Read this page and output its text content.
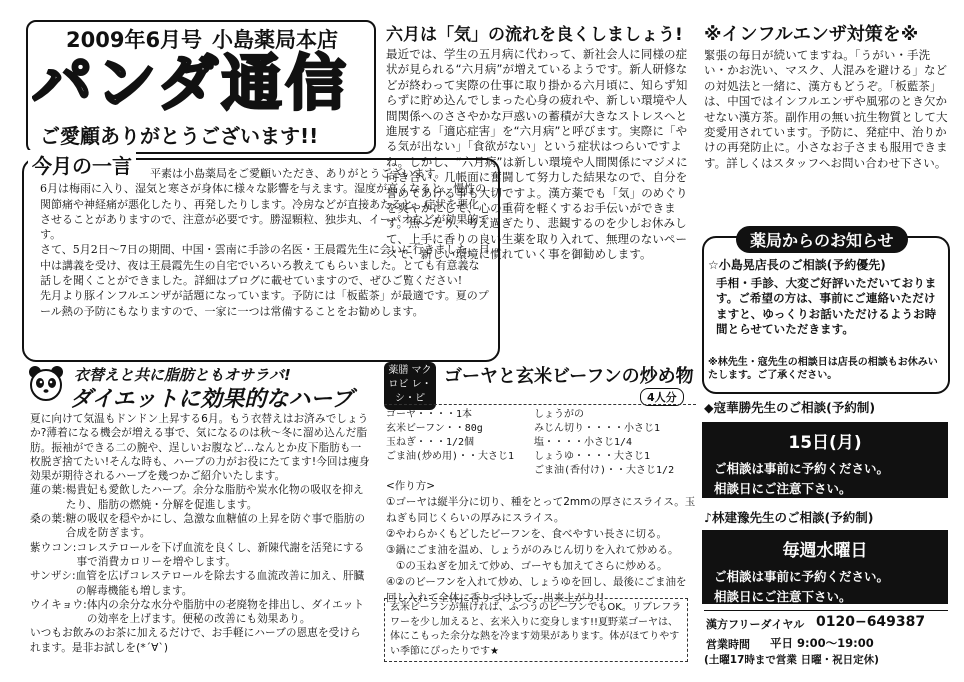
2009年6月号 小島薬局本店
パンダ通信
ご愛顧ありがとうございます!!
今月の一言	平素は小島薬局をご愛顧いただき、ありがとうございます。
6月は梅雨に入り、湿気と寒さが身体に様々な影響を与えます。湿度が高くなると、慢性の関節痛や神経痛が悪化したり、再発したりします。冷房などが直接あたると、症状を悪化させることがありますので、注意が必要です。勝湿顆粒、独歩丸、イーパオなどが効果的です。
さて、5月2日〜7日の期間、中国・雲南に手診の名医・王晨霞先生に会いに行きました。日中は講義を受け、夜は王晨霞先生の自宅でいろいろ教えてもらいました。とても有意義な話しを聞くことができました。詳細はブログに載せていますので、ぜひご覧ください!
先月より豚インフルエンザが話題になっています。予防には「板藍茶」が最適です。夏のプール熱の予防にもなりますので、一家に一つは常備することをお勧めします。
六月は「気」の流れを良くしましょう!
最近では、学生の五月病に代わって、新社会人に同様の症状が見られる“六月病”が増えているようです。新人研修などが終わって実際の仕事に取り掛かる六月頃に、知らず知らずに貯め込んでしまった心身の疲れや、新しい環境や人間関係へのささやかな戸惑いの蓄積が大きなストレスへと進展する「適応症害」を“六月病”と呼びます。実際に「やる気が出ない」「食欲がない」という症状はつらいですよね。しかし、“六月病”は新しい環境や人間関係にマジメに向き合い、几帳面に奮闘して努力した結果なので、自分を誉めてあげる事も大切ですよ。漢方薬でも「気」のめぐりを爽やかにして、心の重荷を軽くするお手伝いができます。焦ったり、考え過ぎたり、悲観するのを少しお休みして、上手に香りの良い生薬を取り入れて、無理のないペースで、新しい環境に慣れていく事を御勧めします。
※インフルエンザ対策を※
緊張の毎日が続いてますね。「うがい・手洗い・かお洗い、マスク、人混みを避ける」などの対処法と一緒に、漢方もどうぞ。「板藍茶」は、中国ではインフルエンザや風邪のとき欠かせない漢方茶。副作用の無い抗生物質として大変愛用されています。予防に、発症中、治りかけの再発防止に。小さなお子さまも服用できます。詳しくはスタッフへお問い合わせ下さい。
薬局からのお知らせ
☆小島晃店長のご相談(予約優先)
手相・手診、大変ご好評いただいております。ご希望の方は、事前にご連絡いただけますと、ゆっくりお話いただけるようお時間とらせていただきます。
※林先生・寇先生の相談日は店長の相談もお休みいたします。ご了承ください。
◆寇華勝先生のご相談(予約制)
15日(月)
ご相談は事前に予約ください。
相談日にご注意下さい。
♪林建豫先生のご相談(予約制)
毎週水曜日
ご相談は事前に予約ください。
相談日にご注意下さい。
漢方フリーダイヤル 0120−649387
営業時間 平日 9:00〜19:00
(土曜17時まで営業 日曜・祝日定休)
衣替えと共に脂肪ともオサラバ!
ダイエットに効果的なハーブ
夏に向けて気温もドンドン上昇する6月。もう衣替えはお済みでしょうか?薄着になる機会が増える事で、気になるのは秋〜冬に溜め込んだ脂肪。振袖ができる二の腕や、逞しいお腹など…なんとか皮下脂肪も一枚脱ぎ捨てたい!そんな時も、ハーブの力がお役にたてます!今回は痩身効果が期待されるハーブを幾つかご紹介いたします。
蓮の葉: 楊貴妃も愛飲したハーブ。余分な脂肪や炭水化物の吸収を抑えたり、脂肪の燃焼・分解を促進します。
桑の葉: 糖の吸収を穏やかにし、急激な血糖値の上昇を防ぐ事で脂肪の合成を防ぎます。
紫ウコン: コレステロールを下げ血流を良くし、新陳代謝を活発にする事で消費カロリーを増やします。
サンザシ: 血管を広げコレステロールを除去する血流改善に加え、肝臓の解毒機能も増します。
ウイキョウ: 体内の余分な水分や脂肪中の老廃物を排出し、ダイエットの効率を上げます。便秘の改善にも効果あり。
いつもお飲みのお茶に加えるだけで、お手軽にハーブの恩恵を受けられます。是非お試しを(*´∀`)
薬膳 マクロビ レ・シ・ピ
ゴーヤと玄米ビーフンの炒め物
4人分
ゴーヤ・・・・1本
玄米ビーフン・・80g
玉ねぎ・・・1/2個
ごま油(炒め用)・・大さじ1
しょうがの
みじん切り・・・・小さじ1
塩・・・・小さじ1/4
しょうゆ・・・・大さじ1
ごま油(香付け)・・大さじ1/2
<作り方>
①ゴーヤは縦半分に切り、種をとって2mmの厚さにスライス。玉ねぎも同じくらいの厚みにスライス。
②やわらかくもどしたビーフンを、食べやすい長さに切る。
③鍋にごま油を温め、しょうがのみじん切りを入れて炒める。
①の玉ねぎを加えて炒め、ゴーヤも加えてさらに炒める。
④②のビーフンを入れて炒め、しょうゆを回し、最後にごま油を回し入れて全体に香りづけして、出来上がり!!
玄米ビーフンが無ければ、ふつうのビーフンでもOK。リブレフラワーを少し加えると、玄米入りに変身します!!夏野菜ゴーヤは、体にこもった余分な熱を冷ます効果があります。体がほてりやすい季節にぴったりです★
